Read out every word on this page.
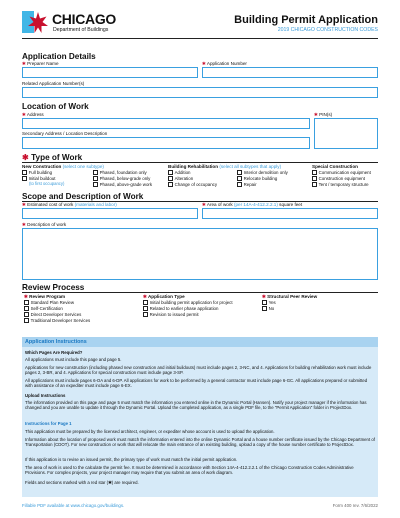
CHICAGO
Department of Buildings
Building Permit Application
2019 CHICAGO CONSTRUCTION CODES
Application Details
✱ Preparer Name	✱ Application Number
Related Application Number(s)
Location of Work
✱ Address	✱ PIN(s)
Secondary Address / Location Description
✱ Type of Work
New Construction (select one subtype)
Full building
Initial buildout
(to first occupancy)
Phased, foundation only
Phased, below-grade only
Phased, above-grade work
Building Rehabilitation (select all subtypes that apply)
Addition
Alteration
Change of occupancy
Interior demolition only
Relocate building
Repair
Special Construction
Communication equipment
Construction equipment
Tent / temporary structure
Scope and Description of Work
✱ Estimated cost of work (materials and labor)	✱ Area of work (per 14A-4-412.2.2.1) square feet
✱ Description of work
Review Process
✱ Review Program
Standard Plan Review
Self-Certification
Direct Developer Services
Traditional Developer Services
✱ Application Type
Initial building permit application for project
Related to earlier phase application
Revision to issued permit
✱ Structural Peer Review
Yes
No
Application Instructions

Which Pages Are Required?

All applications must include this page and page 5.

Applications for new construction (including phased new construction and initial buildouts) must include pages 2, 3-NC, and 4. Applications for building rehabilitation work must include pages 2, 3-BR, and 4. Applications for special construction must include page 3-SP.

All applications must include pages 6-OA and 6-DP. All applications for work to be performed by a general contractor must include page 6-GC. All applications prepared or submitted with assistance of an expediter must include page 6-EX.

Upload Instructions

The information provided on this page and page 5 must match the information you entered online in the Dynamic Portal (Hansen). Notify your project manager if the information has changed and you are unable to update it through the Dynamic Portal. Upload the completed application, as a single PDF file, to the "Permit Application" folder in ProjectDox.

Instructions for Page 1

This application must be prepared by the licensed architect, engineer, or expediter whose account is used to upload the application.

Information about the location of proposed work must match the information entered into the online Dynamic Portal and a house number certificate issued by the Chicago Department of Transportation (CDOT). For new construction or work that will relocate the main entrance of an existing building, upload a copy of the house number certificate to ProjectDox.

If this application is to revise an issued permit, the primary type of work must match the initial permit application.

The area of work is used to the calculate the permit fee. It must be determined in accordance with Section 14A-4-412.2.2.1 of the Chicago Construction Codes Administrative Provisions. For complex projects, your project manager may require that you submit an area of work diagram.

Fields and sections marked with a red star (✱) are required.

Fillable PDF available at www.chicago.gov/buildings.	Form 400 rev. 7/6/2022
